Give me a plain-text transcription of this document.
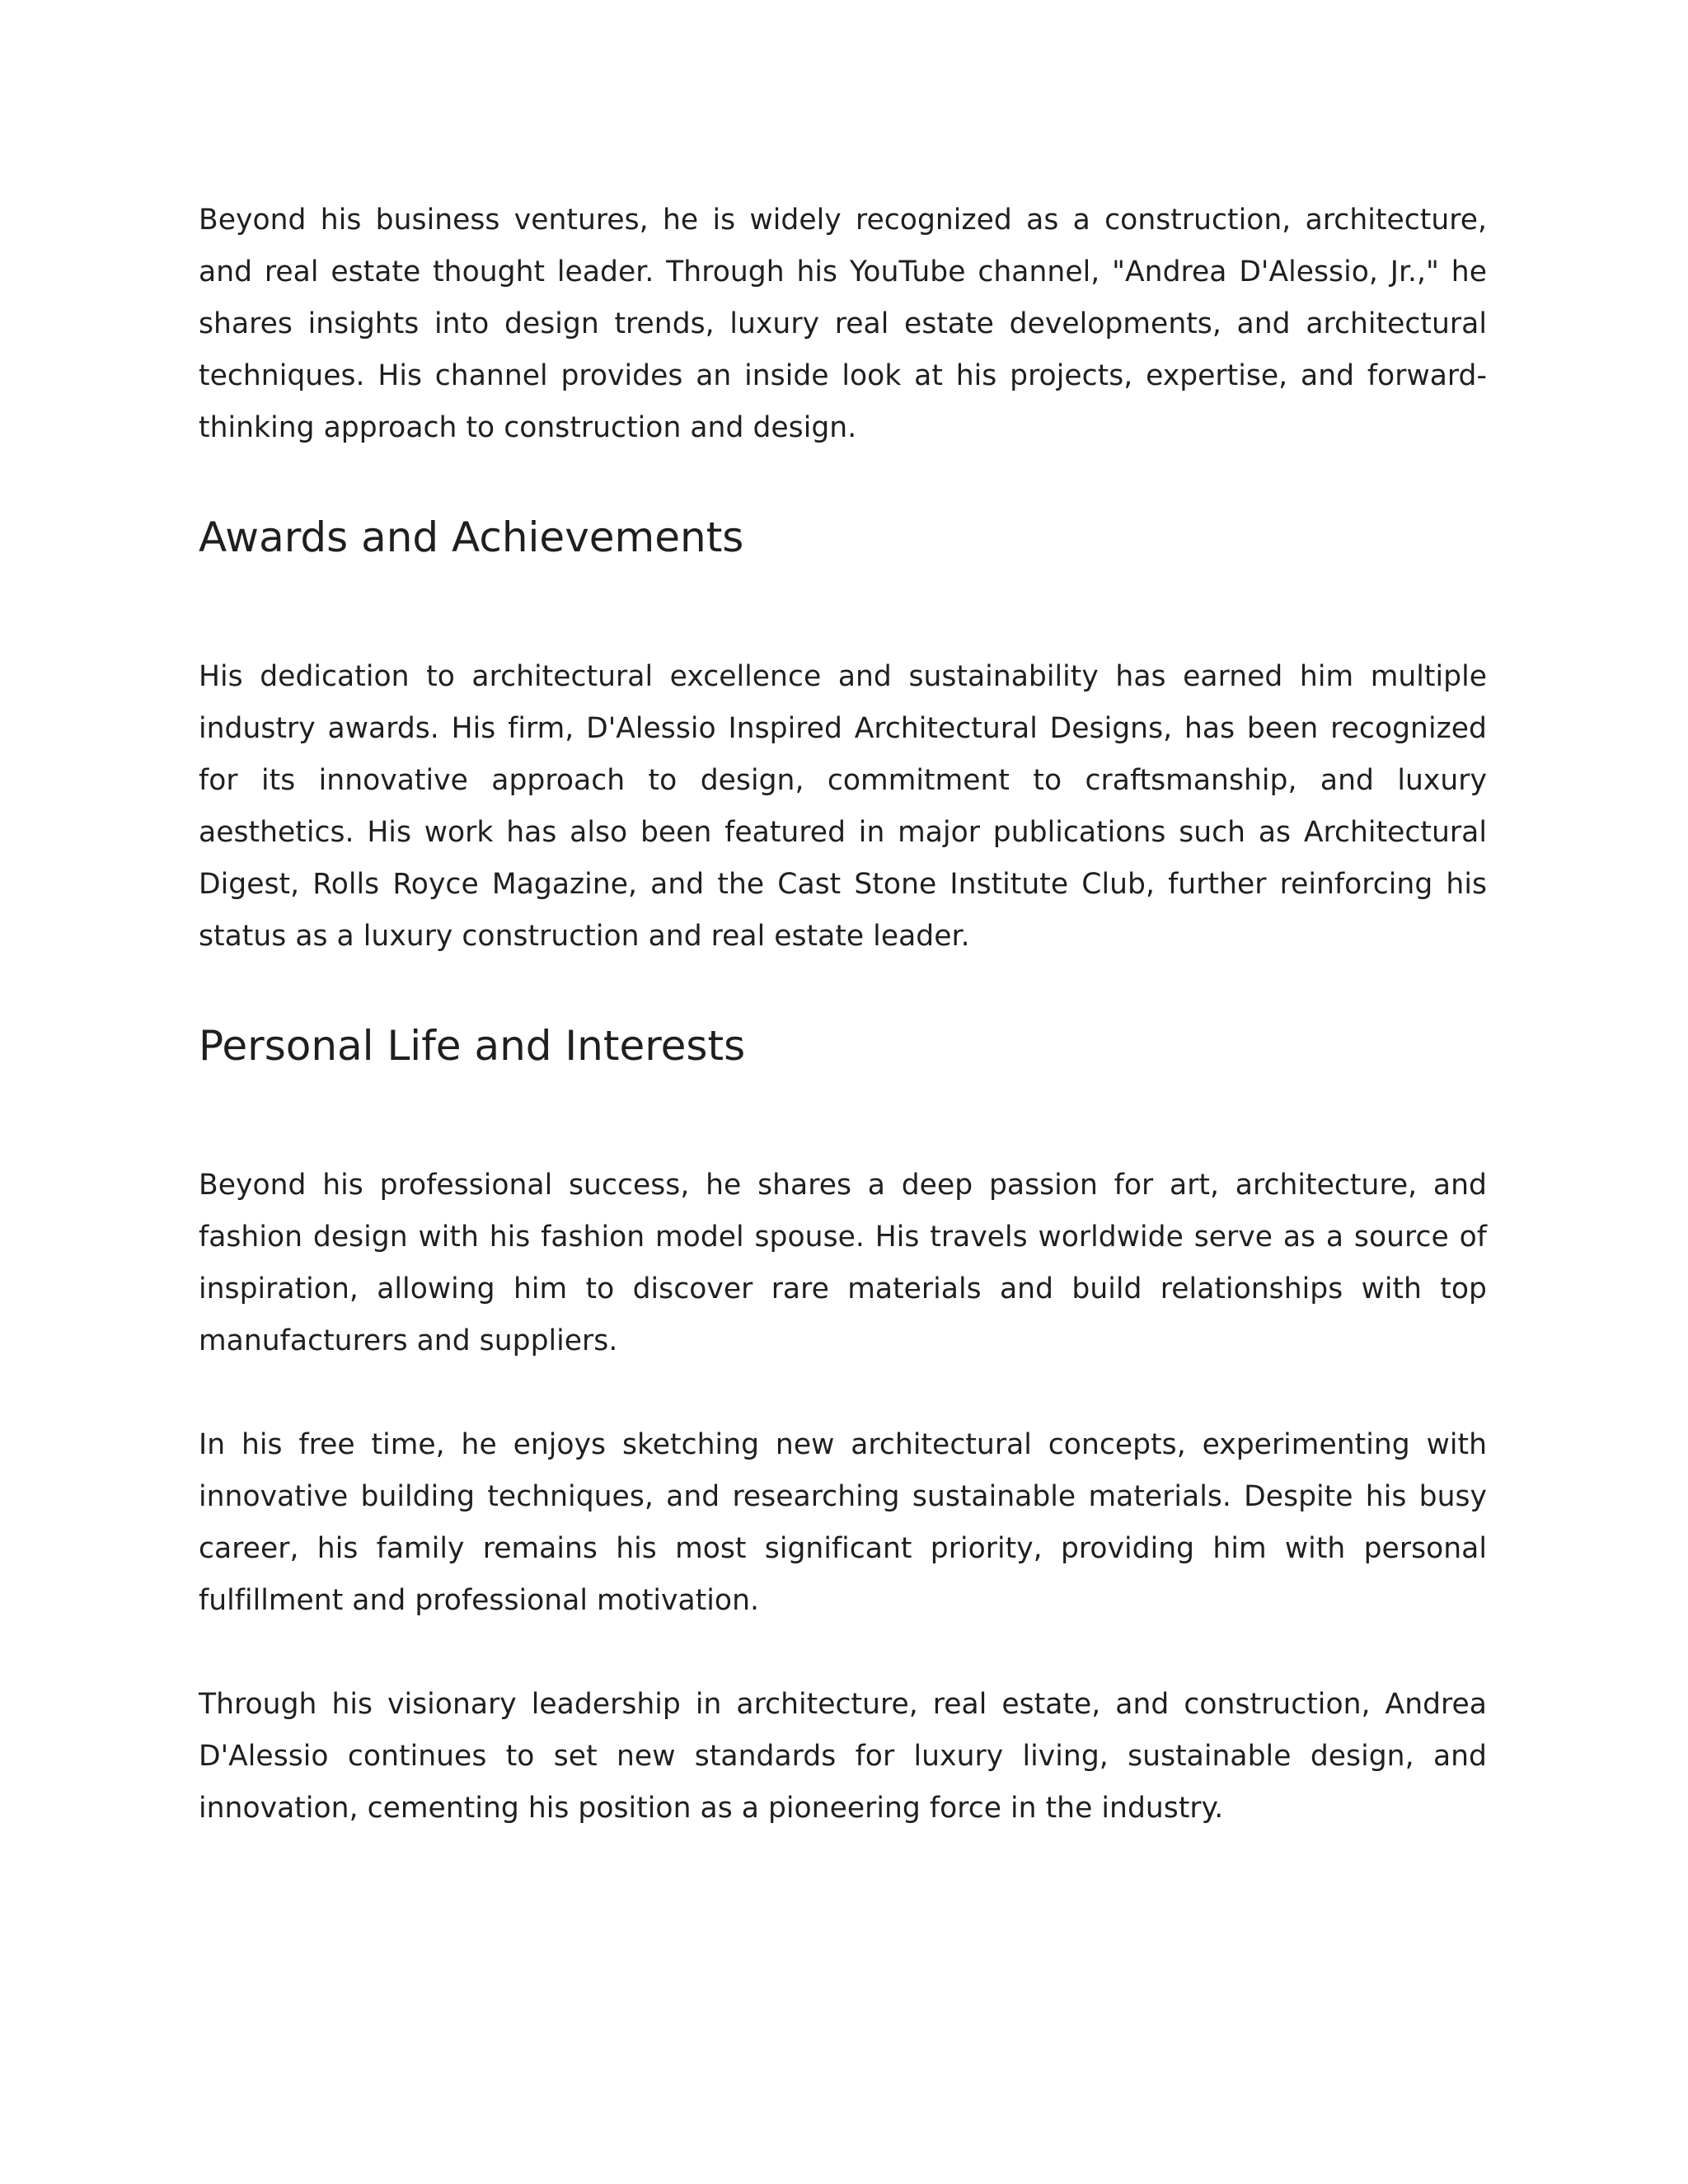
Beyond his business ventures, he is widely recognized as a construction, architecture, and real estate thought leader. Through his YouTube channel, "Andrea D'Alessio, Jr.," he shares insights into design trends, luxury real estate developments, and architectural techniques. His channel provides an inside look at his projects, expertise, and forward-thinking approach to construction and design.

Awards and Achievements

His dedication to architectural excellence and sustainability has earned him multiple industry awards. His firm, D'Alessio Inspired Architectural Designs, has been recognized for its innovative approach to design, commitment to craftsmanship, and luxury aesthetics. His work has also been featured in major publications such as Architectural Digest, Rolls Royce Magazine, and the Cast Stone Institute Club, further reinforcing his status as a luxury construction and real estate leader.

Personal Life and Interests

Beyond his professional success, he shares a deep passion for art, architecture, and fashion design with his fashion model spouse. His travels worldwide serve as a source of inspiration, allowing him to discover rare materials and build relationships with top manufacturers and suppliers.

In his free time, he enjoys sketching new architectural concepts, experimenting with innovative building techniques, and researching sustainable materials. Despite his busy career, his family remains his most significant priority, providing him with personal fulfillment and professional motivation.

Through his visionary leadership in architecture, real estate, and construction, Andrea D'Alessio continues to set new standards for luxury living, sustainable design, and innovation, cementing his position as a pioneering force in the industry.
